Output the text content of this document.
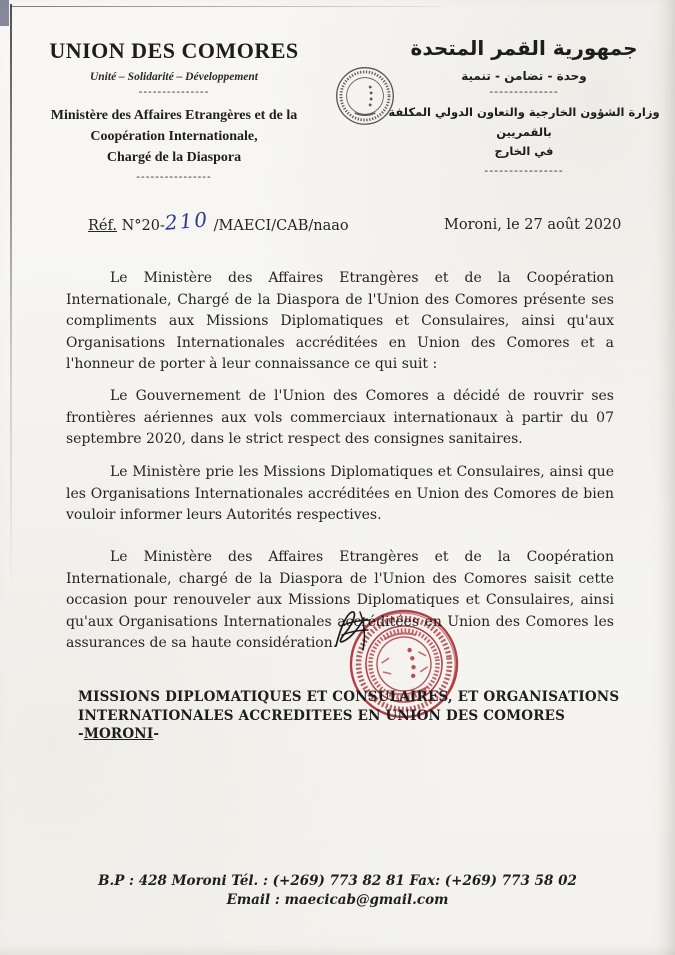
UNION DES COMORES
Unité – Solidarité – Développement
---------------
Ministère des Affaires Etrangères et de la
Coopération Internationale,
Chargé de la Diaspora
----------------
جمهورية القمر المتحدة
وحدة - تضامن - تنمية
--------------
وزارة الشؤون الخارجية والتعاون الدولي المكلفة بالقمريين
في الخارج
----------------
Réf. N°20-210 /MAECI/CAB/naao	Moroni, le 27 août 2020

Le Ministère des Affaires Etrangères et de la Coopération Internationale, Chargé de la Diaspora de l'Union des Comores présente ses compliments aux Missions Diplomatiques et Consulaires, ainsi qu'aux Organisations Internationales accréditées en Union des Comores et a l'honneur de porter à leur connaissance ce qui suit :

Le Gouvernement de l'Union des Comores a décidé de rouvrir ses frontières aériennes aux vols commerciaux internationaux à partir du 07 septembre 2020, dans le strict respect des consignes sanitaires.

Le Ministère prie les Missions Diplomatiques et Consulaires, ainsi que les Organisations Internationales accréditées en Union des Comores de bien vouloir informer leurs Autorités respectives.

Le Ministère des Affaires Etrangères et de la Coopération Internationale, chargé de la Diaspora de l'Union des Comores saisit cette occasion pour renouveler aux Missions Diplomatiques et Consulaires, ainsi qu'aux Organisations Internationales accréditées en Union des Comores les assurances de sa haute considération.

MISSIONS DIPLOMATIQUES ET CONSULAIRES, ET ORGANISATIONS
INTERNATIONALES ACCREDITEES EN UNION DES COMORES
-MORONI-
B.P : 428 Moroni Tél. : (+269) 773 82 81 Fax: (+269) 773 58 02
Email : maecicab@gmail.com
